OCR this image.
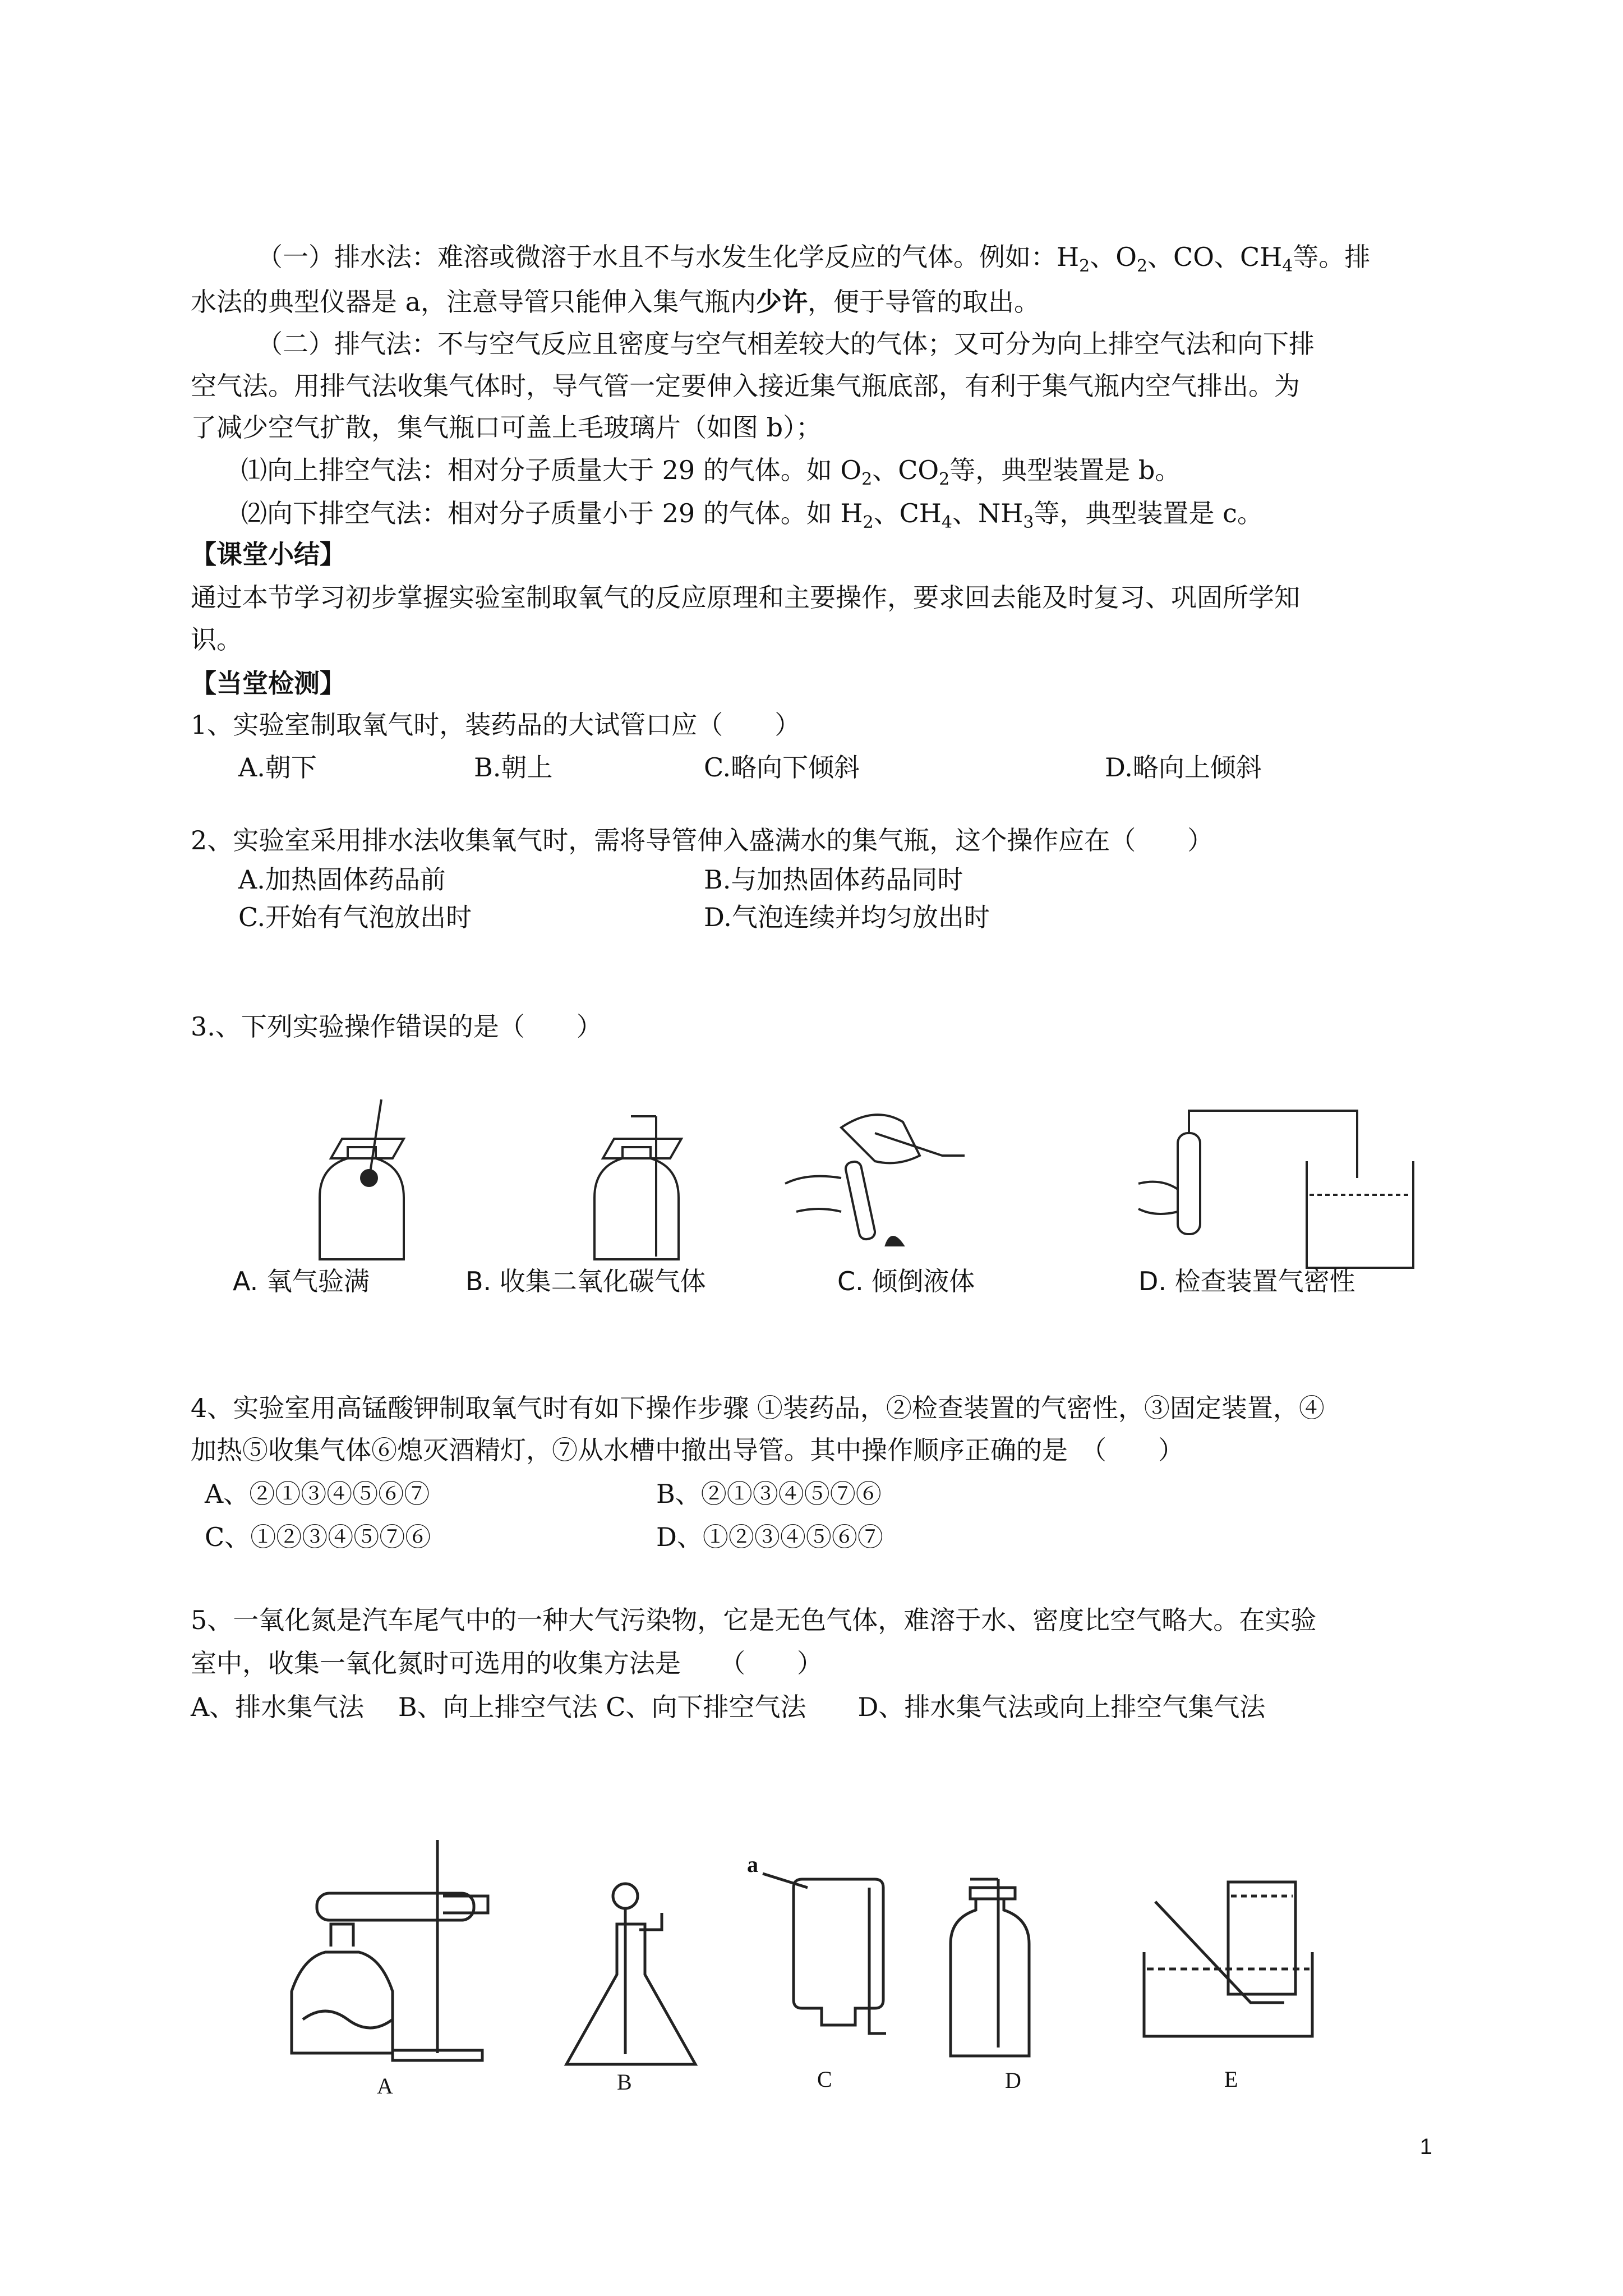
（一）排水法：难溶或微溶于水且不与水发生化学反应的气体。例如：$H_2$、$O_2$、CO、$CH_4$等。排
水法的典型仪器是 a，注意导管只能伸入集气瓶内少许，便于导管的取出。
（二）排气法：不与空气反应且密度与空气相差较大的气体；又可分为向上排空气法和向下排
空气法。用排气法收集气体时，导气管一定要伸入接近集气瓶底部，有利于集气瓶内空气排出。为
了减少空气扩散，集气瓶口可盖上毛玻璃片（如图 b）；
⑴向上排空气法：相对分子质量大于 29 的气体。如 $O_2$、$CO_2$等，典型装置是 b。
⑵向下排空气法：相对分子质量小于 29 的气体。如 $H_2$、$CH_4$、$NH_3$等，典型装置是 c。
【课堂小结】
通过本节学习初步掌握实验室制取氧气的反应原理和主要操作，要求回去能及时复习、巩固所学知
识。
【当堂检测】
1、实验室制取氧气时，装药品的大试管口应（　　）
A.朝下	B.朝上	C.略向下倾斜	D.略向上倾斜
2、实验室采用排水法收集氧气时，需将导管伸入盛满水的集气瓶，这个操作应在（　　）
A.加热固体药品前	B.与加热固体药品同时
C.开始有气泡放出时	D.气泡连续并均匀放出时
3.、下列实验操作错误的是（　　）
A. 氧气验满	B. 收集二氧化碳气体	C. 倾倒液体	D. 检查装置气密性
4、实验室用高锰酸钾制取氧气时有如下操作步骤 ①装药品，②检查装置的气密性，③固定装置，④
加热⑤收集气体⑥熄灭酒精灯，⑦从水槽中撤出导管。其中操作顺序正确的是　（　　）
A、②①③④⑤⑥⑦	B、②①③④⑤⑦⑥
C、①②③④⑤⑦⑥	D、①②③④⑤⑥⑦
5、一氧化氮是汽车尾气中的一种大气污染物，它是无色气体，难溶于水、密度比空气略大。在实验
室中，收集一氧化氮时可选用的收集方法是　　（　　）
A、排水集气法　 B、向上排空气法 C、向下排空气法　　D、排水集气法或向上排空气集气法
A	B	C	D	E
a
1
